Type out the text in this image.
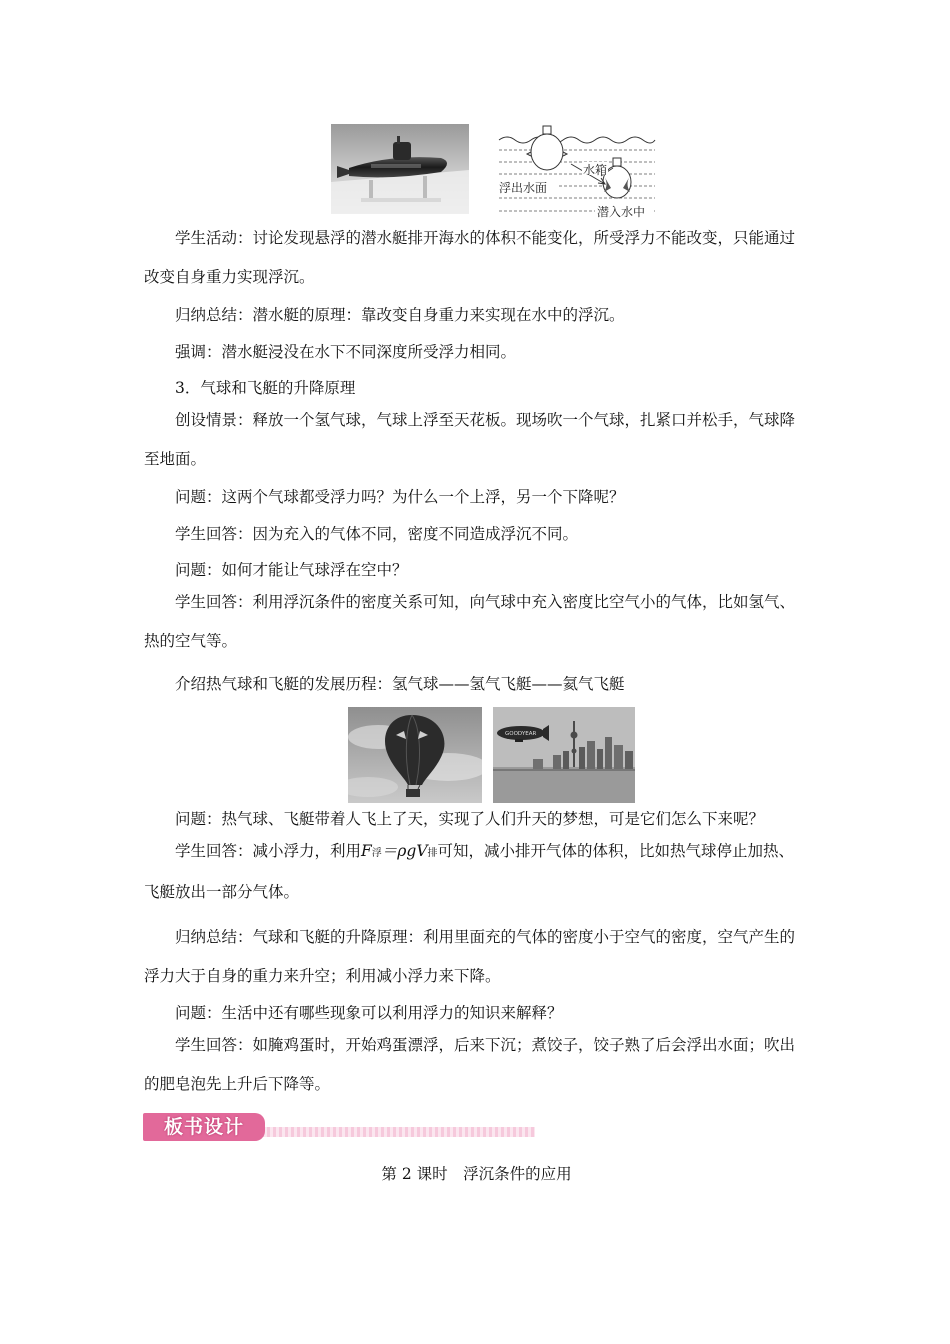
水箱
浮出水面
潜入水中

学生活动：讨论发现悬浮的潜水艇排开海水的体积不能变化，所受浮力不能改变，只能通过改变自身重力实现浮沉。

归纳总结：潜水艇的原理：靠改变自身重力来实现在水中的浮沉。

强调：潜水艇浸没在水下不同深度所受浮力相同。

3．气球和飞艇的升降原理

创设情景：释放一个氢气球，气球上浮至天花板。现场吹一个气球，扎紧口并松手，气球降至地面。

问题：这两个气球都受浮力吗？为什么一个上浮，另一个下降呢？

学生回答：因为充入的气体不同，密度不同造成浮沉不同。

问题：如何才能让气球浮在空中？

学生回答：利用浮沉条件的密度关系可知，向气球中充入密度比空气小的气体，比如氢气、热的空气等。

介绍热气球和飞艇的发展历程：氢气球——氢气飞艇——氦气飞艇

GOODYEAR

问题：热气球、飞艇带着人飞上了天，实现了人们升天的梦想，可是它们怎么下来呢？

学生回答：减小浮力，利用F浮＝ρgV排可知，减小排开气体的体积，比如热气球停止加热、飞艇放出一部分气体。

归纳总结：气球和飞艇的升降原理：利用里面充的气体的密度小于空气的密度，空气产生的浮力大于自身的重力来升空；利用减小浮力来下降。

问题：生活中还有哪些现象可以利用浮力的知识来解释？

学生回答：如腌鸡蛋时，开始鸡蛋漂浮，后来下沉；煮饺子，饺子熟了后会浮出水面；吹出的肥皂泡先上升后下降等。

板书设计
第 2 课时　浮沉条件的应用
